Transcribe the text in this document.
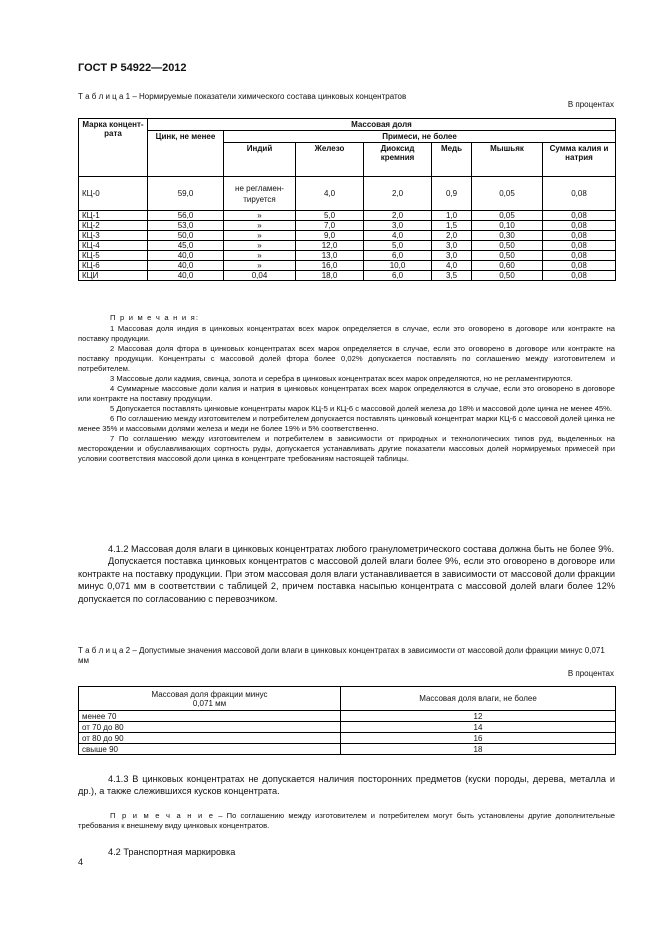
ГОСТ Р 54922—2012
Т а б л и ц а 1 – Нормируемые показатели химического состава цинковых концентратов
В процентах
Марка концент-рата	Массовая доля						
	Цинк, не менее	Примеси, не более					
		Индий	Железо	Диоксид кремния	Медь	Мышьяк	Сумма калия и натрия
КЦ-0	59,0	не регламен-тируется	4,0	2,0	0,9	0,05	0,08
КЦ-1	56,0	»	5,0	2,0	1,0	0,05	0,08
КЦ-2	53,0	»	7,0	3,0	1,5	0,10	0,08
КЦ-3	50,0	»	9,0	4,0	2,0	0,30	0,08
КЦ-4	45,0	»	12,0	5,0	3,0	0,50	0,08
КЦ-5	40,0	»	13,0	6,0	3,0	0,50	0,08
КЦ-6	40,0	»	16,0	10,0	4,0	0,60	0,08
КЦИ	40,0	0,04	18,0	6,0	3,5	0,50	0,08

П р и м е ч а н и я:

1 Массовая доля индия в цинковых концентратах всех марок определяется в случае, если это оговорено в договоре или контракте на поставку продукции.

2 Массовая доля фтора в цинковых концентратах всех марок определяется в случае, если это оговорено в договоре или контракте на поставку продукции. Концентраты с массовой долей фтора более 0,02% допускается поставлять по соглашению между изготовителем и потребителем.

3 Массовые доли кадмия, свинца, золота и серебра в цинковых концентратах всех марок определяются, но не регламентируются.

4 Суммарные массовые доли калия и натрия в цинковых концентратах всех марок определяются в случае, если это оговорено в договоре или контракте на поставку продукции.

5 Допускается поставлять цинковые концентраты марок КЦ-5 и КЦ-6 с массовой долей железа до 18% и массовой доле цинка не менее 45%.

6 По соглашению между изготовителем и потребителем допускается поставлять цинковый концентрат марки КЦ-6 с массовой долей цинка не менее 35% и массовыми долями железа и меди не более 19% и 5% соответственно.

7 По соглашению между изготовителем и потребителем в зависимости от природных и технологических типов руд, выделенных на месторождении и обуславливающих сортность руды, допускается устанавливать другие показатели массовых долей нормируемых примесей при условии соответствия массовой доли цинка в концентрате требованиям настоящей таблицы.

4.1.2 Массовая доля влаги в цинковых концентратах любого гранулометрического состава должна быть не более 9%.

Допускается поставка цинковых концентратов с массовой долей влаги более 9%, если это оговорено в договоре или контракте на поставку продукции. При этом массовая доля влаги устанавливается в зависимости от массовой доли фракции минус 0,071 мм в соответствии с таблицей 2, причем поставка насыпью концентрата с массовой долей влаги более 12% допускается по согласованию с перевозчиком.

Т а б л и ц а 2 – Допустимые значения массовой доли влаги в цинковых концентратах в зависимости от массовой доли фракции минус 0,071 мм
В процентах
Массовая доля фракции минус 0,071 мм	Массовая доля влаги, не более
менее 70	12
от 70 до 80	14
от 80 до 90	16
свыше 90	18

4.1.3 В цинковых концентратах не допускается наличия посторонних предметов (куски породы, дерева, металла и др.), а также слежившихся кусков концентрата.

П р и м е ч а н и е – По соглашению между изготовителем и потребителем могут быть установлены другие дополнительные требования к внешнему виду цинковых концентратов.

4.2 Транспортная маркировка

4
